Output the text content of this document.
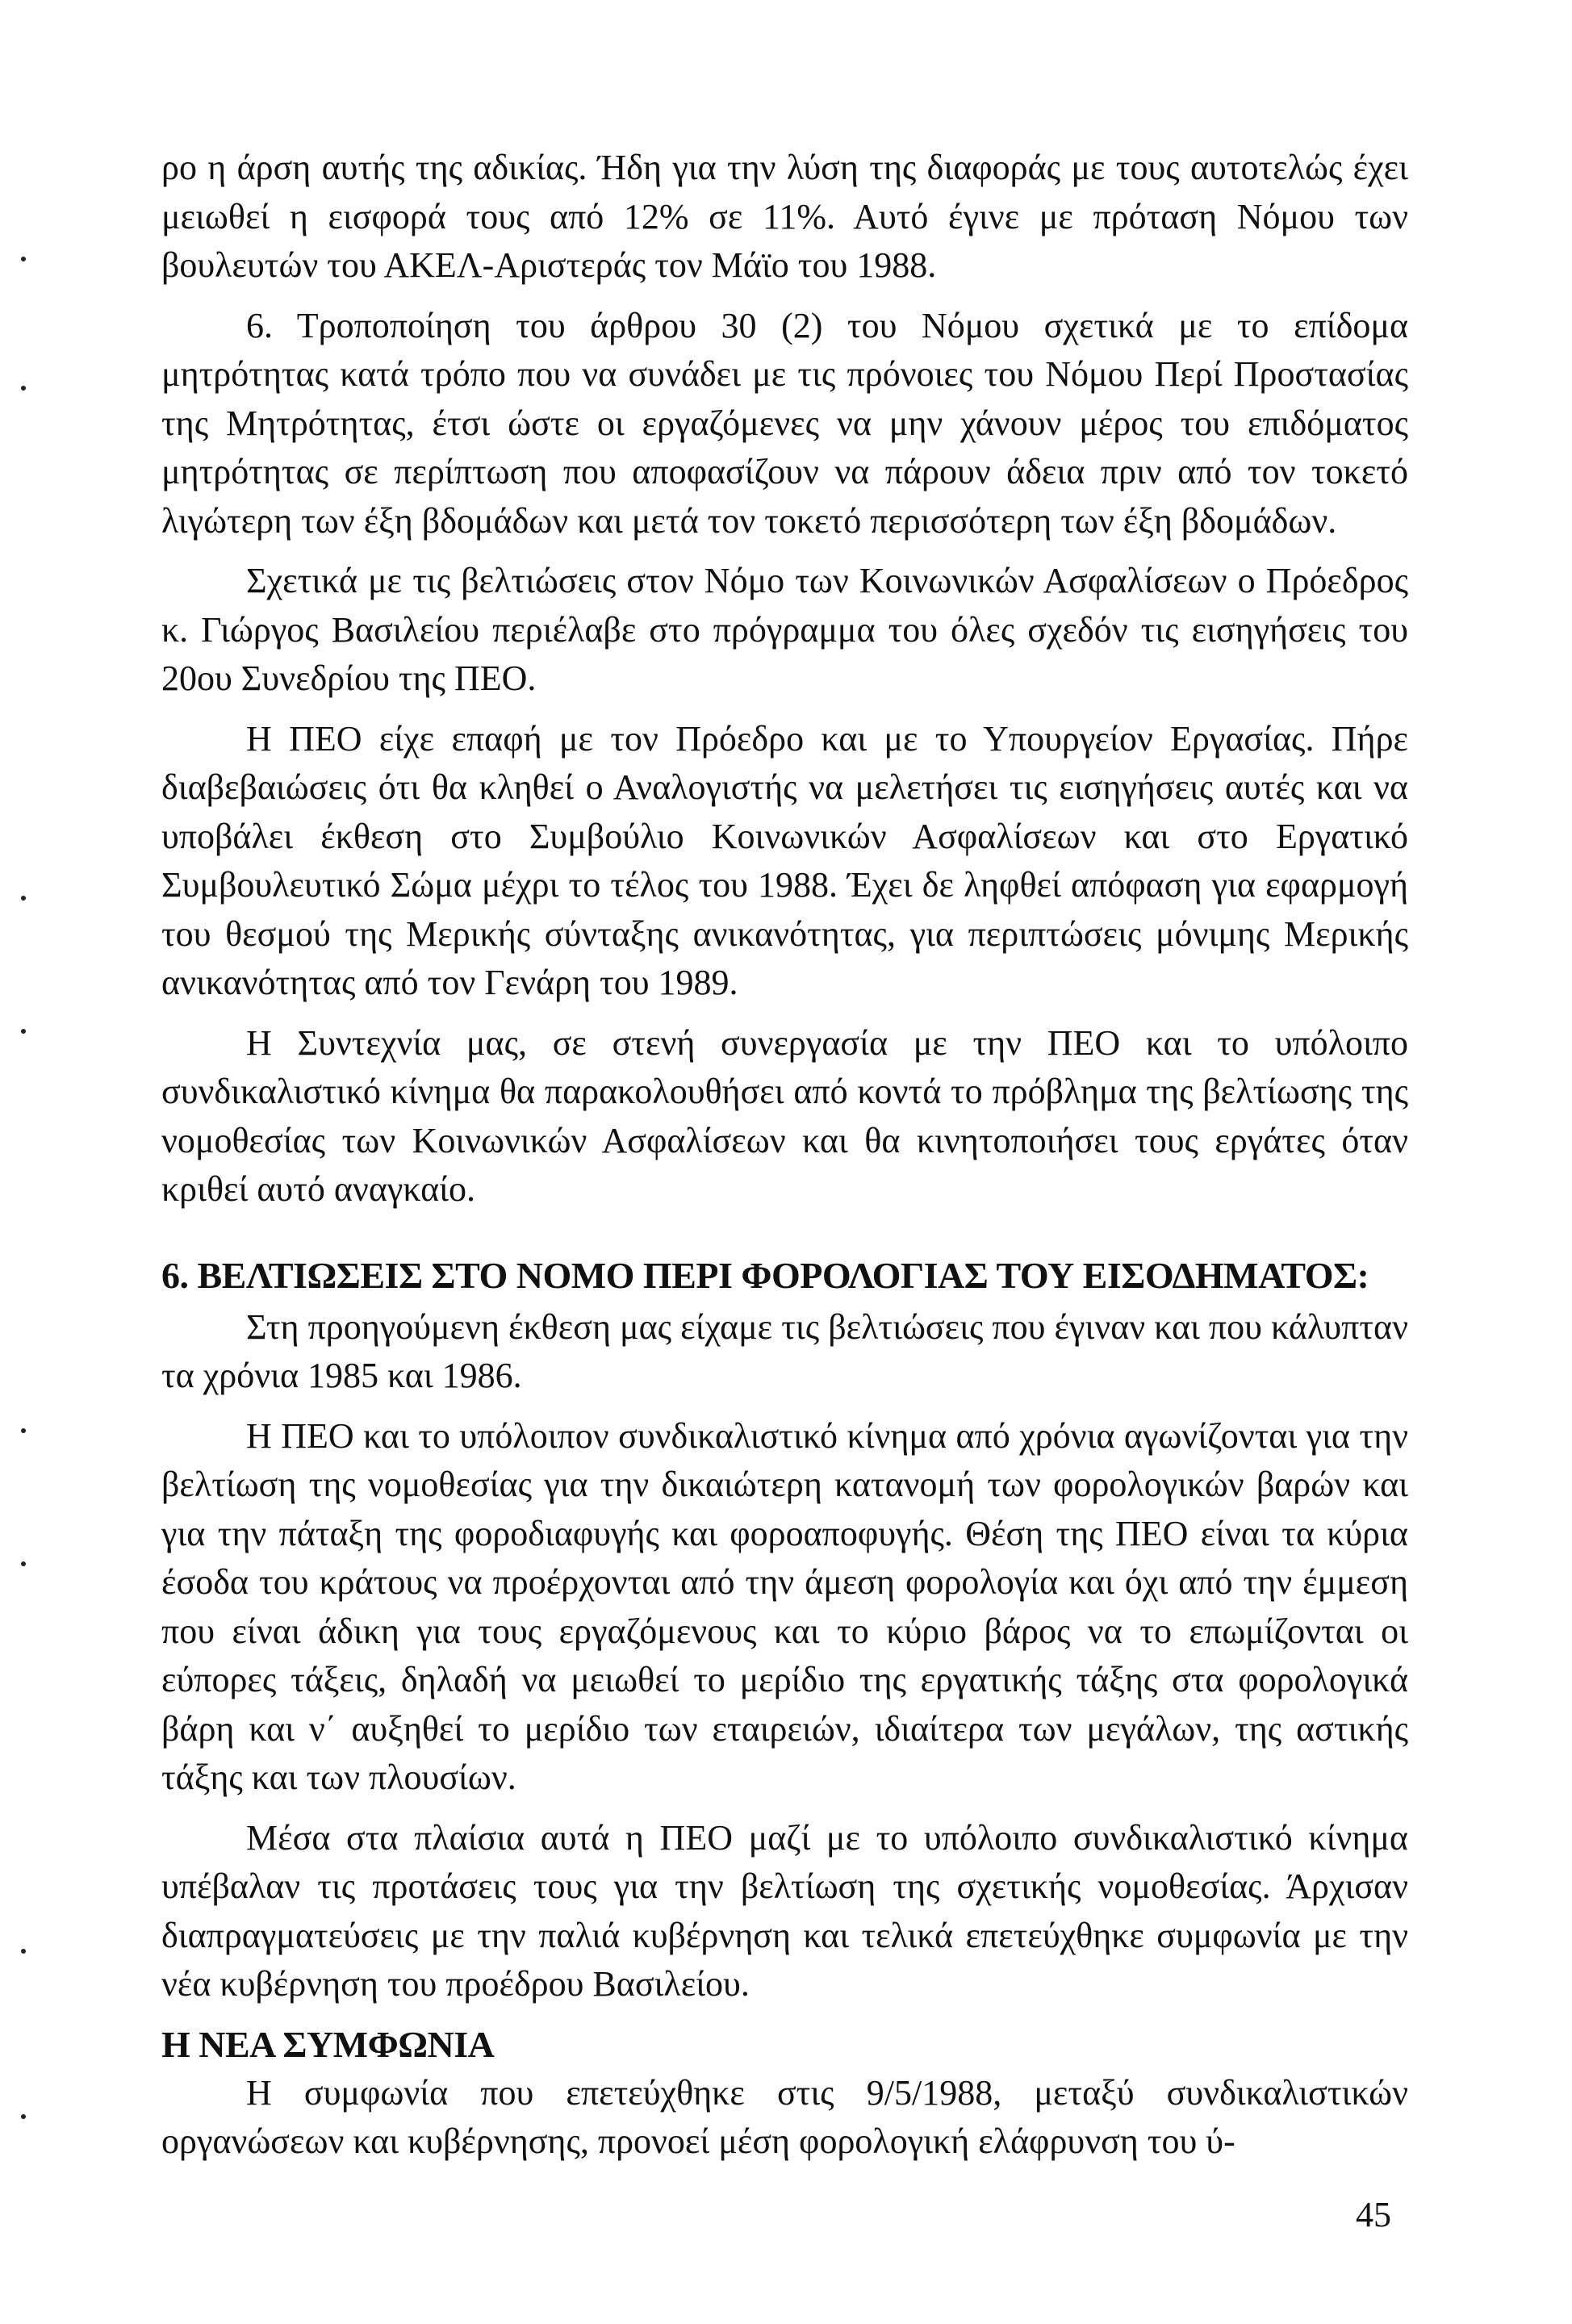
ρο η άρση αυτής της αδικίας. Ήδη για την λύση της διαφοράς με τους αυτοτελώς έχει μειωθεί η εισφορά τους από 12% σε 11%. Αυτό έγινε με πρόταση Νόμου των βουλευτών του ΑΚΕΛ-Αριστεράς τον Μάϊο του 1988.

6. Τροποποίηση του άρθρου 30 (2) του Νόμου σχετικά με το επίδομα μητρότητας κατά τρόπο που να συνάδει με τις πρόνοιες του Νόμου Περί Προστασίας της Μητρότητας, έτσι ώστε οι εργαζόμενες να μην χάνουν μέρος του επιδόματος μητρότητας σε περίπτωση που αποφασίζουν να πάρουν άδεια πριν από τον τοκετό λιγώτερη των έξη βδομάδων και μετά τον τοκετό περισσότερη των έξη βδομάδων.

Σχετικά με τις βελτιώσεις στον Νόμο των Κοινωνικών Ασφαλίσεων ο Πρόεδρος κ. Γιώργος Βασιλείου περιέλαβε στο πρόγραμμα του όλες σχεδόν τις εισηγήσεις του 20ου Συνεδρίου της ΠΕΟ.

Η ΠΕΟ είχε επαφή με τον Πρόεδρο και με το Υπουργείον Εργασίας. Πήρε διαβεβαιώσεις ότι θα κληθεί ο Αναλογιστής να μελετήσει τις εισηγήσεις αυτές και να υποβάλει έκθεση στο Συμβούλιο Κοινωνικών Ασφαλίσεων και στο Εργατικό Συμβουλευτικό Σώμα μέχρι το τέλος του 1988. Έχει δε ληφθεί απόφαση για εφαρμογή του θεσμού της Μερικής σύνταξης ανικανότητας, για περιπτώσεις μόνιμης Μερικής ανικανότητας από τον Γενάρη του 1989.

Η Συντεχνία μας, σε στενή συνεργασία με την ΠΕΟ και το υπόλοιπο συνδικαλιστικό κίνημα θα παρακολουθήσει από κοντά το πρόβλημα της βελτίωσης της νομοθεσίας των Κοινωνικών Ασφαλίσεων και θα κινητοποιήσει τους εργάτες όταν κριθεί αυτό αναγκαίο.

6. ΒΕΛΤΙΩΣΕΙΣ ΣΤΟ ΝΟΜΟ ΠΕΡΙ ΦΟΡΟΛΟΓΙΑΣ ΤΟΥ ΕΙΣΟΔΗΜΑΤΟΣ:

Στη προηγούμενη έκθεση μας είχαμε τις βελτιώσεις που έγιναν και που κάλυπταν τα χρόνια 1985 και 1986.

Η ΠΕΟ και το υπόλοιπον συνδικαλιστικό κίνημα από χρόνια αγωνίζονται για την βελτίωση της νομοθεσίας για την δικαιώτερη κατανομή των φορολογικών βαρών και για την πάταξη της φοροδιαφυγής και φοροαποφυγής. Θέση της ΠΕΟ είναι τα κύρια έσοδα του κράτους να προέρχονται από την άμεση φορολογία και όχι από την έμμεση που είναι άδικη για τους εργαζόμενους και το κύριο βάρος να το επωμίζονται οι εύπορες τάξεις, δηλαδή να μειωθεί το μερίδιο της εργατικής τάξης στα φορολογικά βάρη και ν΄ αυξηθεί το μερίδιο των εταιρειών, ιδιαίτερα των μεγάλων, της αστικής τάξης και των πλουσίων.

Μέσα στα πλαίσια αυτά η ΠΕΟ μαζί με το υπόλοιπο συνδικαλιστικό κίνημα υπέβαλαν τις προτάσεις τους για την βελτίωση της σχετικής νομοθεσίας. Άρχισαν διαπραγματεύσεις με την παλιά κυβέρνηση και τελικά επετεύχθηκε συμφωνία με την νέα κυβέρνηση του προέδρου Βασιλείου.

Η ΝΕΑ ΣΥΜΦΩΝΙΑ

Η συμφωνία που επετεύχθηκε στις 9/5/1988, μεταξύ συνδικαλιστικών οργανώσεων και κυβέρνησης, προνοεί μέση φορολογική ελάφρυνση του ύ-

45
